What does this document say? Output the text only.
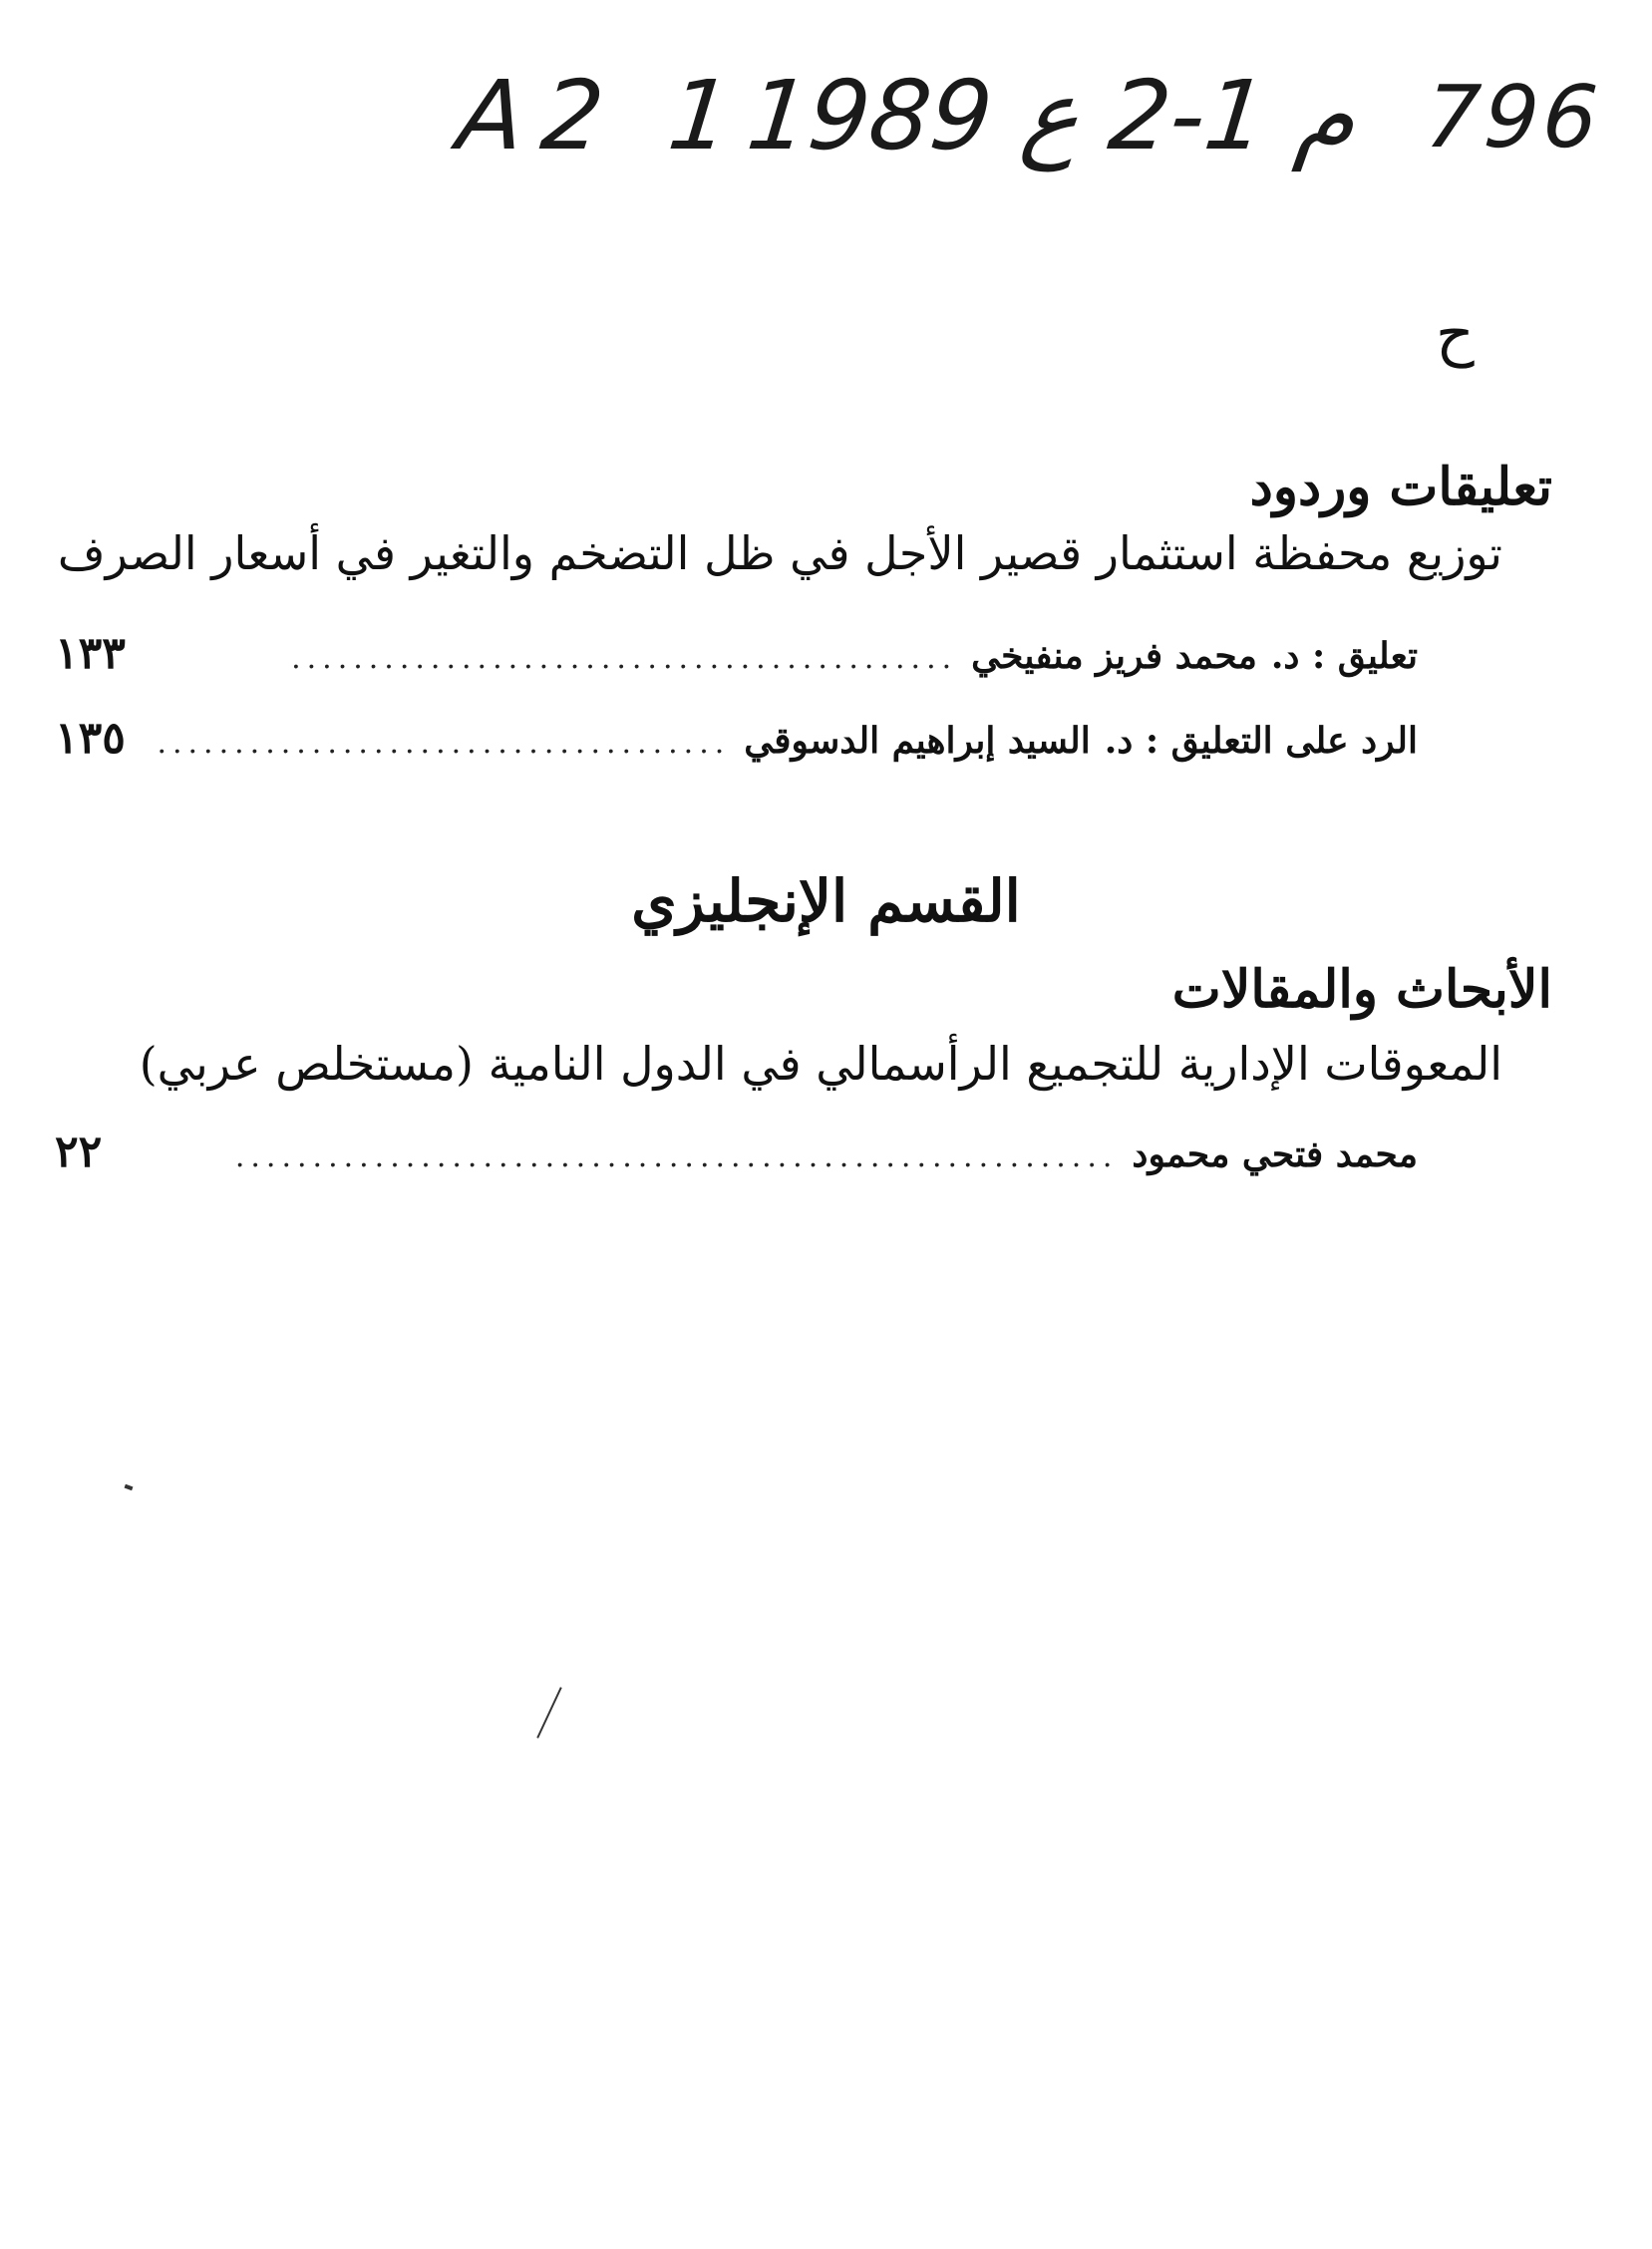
A2 1م 1-2 ع 1989 796
ح
تعليقات وردود
توزيع محفظة استثمار قصير الأجل في ظل التضخم والتغير في أسعار الصرف
تعليق : د.
محمد فريز منفيخي
...........................................
١٣٣
الرد على التعليق : د.
السيد إبراهيم الدسوقي
.....................................
١٣٥
القسم الإنجليزي
الأبحاث والمقالات
المعوقات الإدارية للتجميع الرأسمالي في الدول النامية (مستخلص عربي)
محمد فتحي محمود
.........................................................
٢٢
